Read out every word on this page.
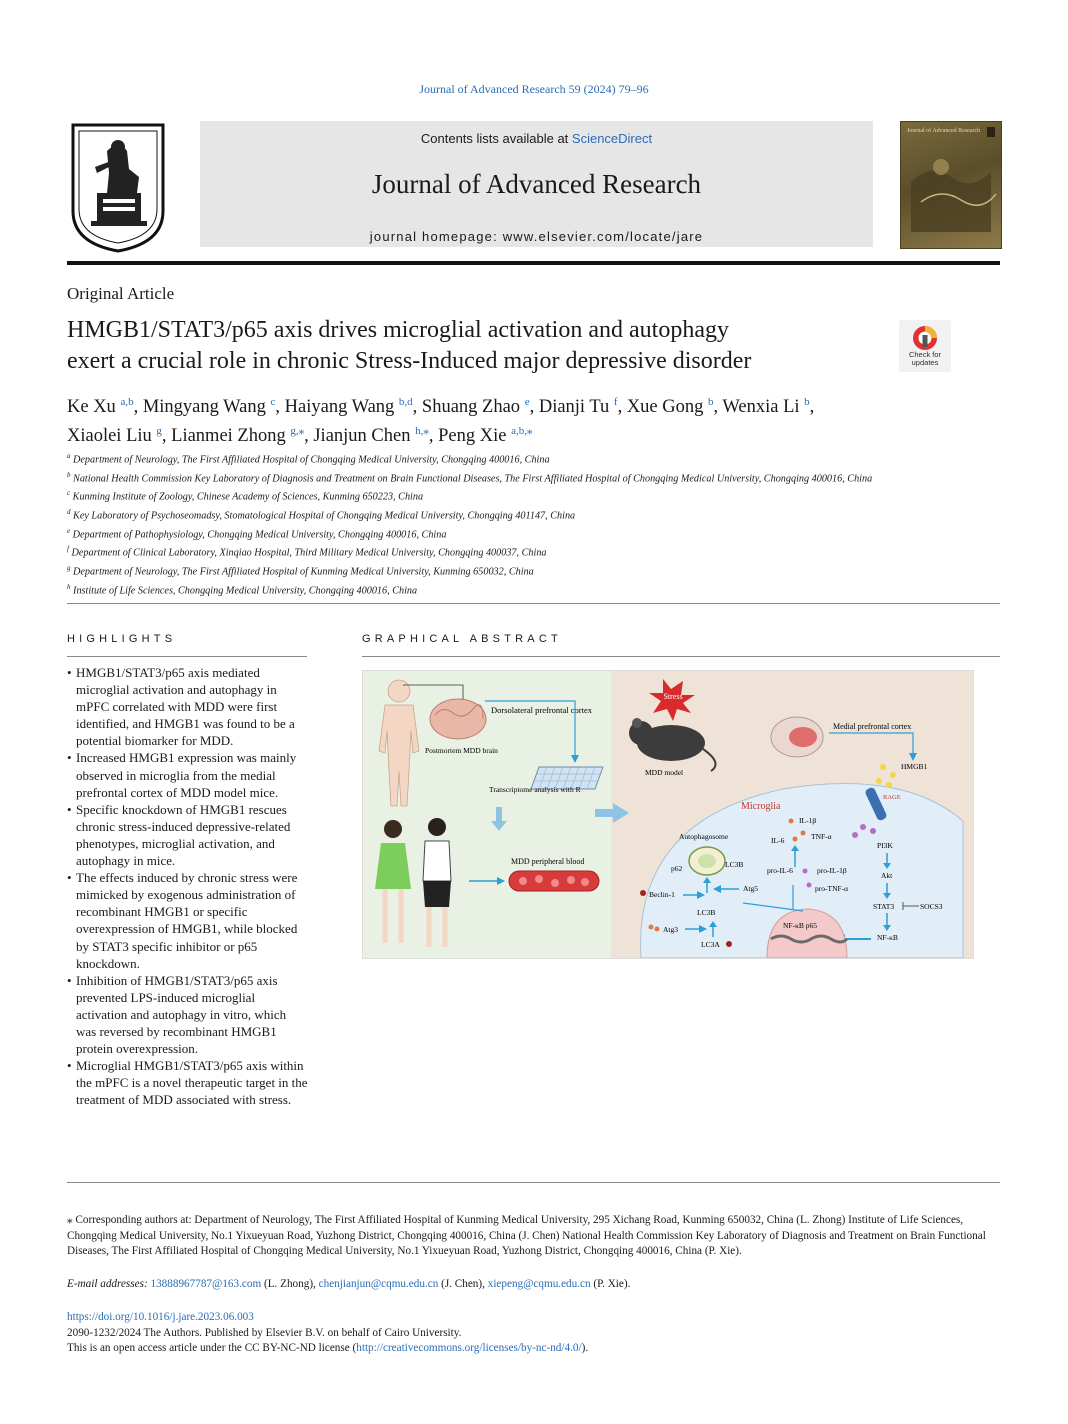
Journal of Advanced Research 59 (2024) 79–96
Contents lists available at ScienceDirect
Journal of Advanced Research
journal homepage: www.elsevier.com/locate/jare
Journal of Advanced Research
Original Article
HMGB1/STAT3/p65 axis drives microglial activation and autophagy
exert a crucial role in chronic Stress-Induced major depressive disorder	Check for updates
Ke Xu $^{a,b}$, Mingyang Wang $^c$, Haiyang Wang $^{b,d}$, Shuang Zhao $^e$, Dianji Tu $^f$, Xue Gong $^b$, Wenxia Li $^b$,
Xiaolei Liu $^g$, Lianmei Zhong $^{g,⁎}$, Jianjun Chen $^{h,⁎}$, Peng Xie $^{a,b,⁎}$
$^a$ Department of Neurology, The First Affiliated Hospital of Chongqing Medical University, Chongqing 400016, China
$^b$ National Health Commission Key Laboratory of Diagnosis and Treatment on Brain Functional Diseases, The First Affiliated Hospital of Chongqing Medical University, Chongqing 400016, China
$^c$ Kunming Institute of Zoology, Chinese Academy of Sciences, Kunming 650223, China
$^d$ Key Laboratory of Psychoseomadsy, Stomatological Hospital of Chongqing Medical University, Chongqing 401147, China
$^e$ Department of Pathophysiology, Chongqing Medical University, Chongqing 400016, China
$^f$ Department of Clinical Laboratory, Xinqiao Hospital, Third Military Medical University, Chongqing 400037, China
$^g$ Department of Neurology, The First Affiliated Hospital of Kunming Medical University, Kunming 650032, China
$^h$ Institute of Life Sciences, Chongqing Medical University, Chongqing 400016, China
HIGHLIGHTS
• HMGB1/STAT3/p65 axis mediated microglial activation and autophagy in mPFC correlated with MDD were first identified, and HMGB1 was found to be a potential biomarker for MDD.
• Increased HMGB1 expression was mainly observed in microglia from the medial prefrontal cortex of MDD model mice.
• Specific knockdown of HMGB1 rescues chronic stress-induced depressive-related phenotypes, microglial activation, and autophagy in mice.
• The effects induced by chronic stress were mimicked by exogenous administration of recombinant HMGB1 or specific overexpression of HMGB1, while blocked by STAT3 specific inhibitor or p65 knockdown.
• Inhibition of HMGB1/STAT3/p65 axis prevented LPS-induced microglial activation and autophagy in vitro, which was reversed by recombinant HMGB1 protein overexpression.
• Microglial HMGB1/STAT3/p65 axis within the mPFC is a novel therapeutic target in the treatment of MDD associated with stress.
GRAPHICAL ABSTRACT
Dorsolateral prefrontal cortex
Postmortem MDD brain
Transcriptome analysis with R
MDD peripheral blood
Stress
MDD model
Medial prefrontal cortex
Microglia
HMGB1
RAGE
PI3K
Akt
STAT3	SOCS3
NF-κB
IL-1β
IL-6	TNF-α
pro-IL-6	pro-IL-1β
pro-TNF-α
Autophagosome
p62	LC3B
Beclin-1
Atg5
LC3B
Atg3
LC3A
NF-κB p65
⁎ Corresponding authors at: Department of Neurology, The First Affiliated Hospital of Kunming Medical University, 295 Xichang Road, Kunming 650032, China (L. Zhong) Institute of Life Sciences, Chongqing Medical University, No.1 Yixueyuan Road, Yuzhong District, Chongqing 400016, China (J. Chen) National Health Commission Key Laboratory of Diagnosis and Treatment on Brain Functional Diseases, The First Affiliated Hospital of Chongqing Medical University, No.1 Yixueyuan Road, Yuzhong District, Chongqing 400016, China (P. Xie).
E-mail addresses: 13888967787@163.com (L. Zhong), chenjianjun@cqmu.edu.cn (J. Chen), xiepeng@cqmu.edu.cn (P. Xie).
https://doi.org/10.1016/j.jare.2023.06.003
2090-1232/2024 The Authors. Published by Elsevier B.V. on behalf of Cairo University.
This is an open access article under the CC BY-NC-ND license (http://creativecommons.org/licenses/by-nc-nd/4.0/).
